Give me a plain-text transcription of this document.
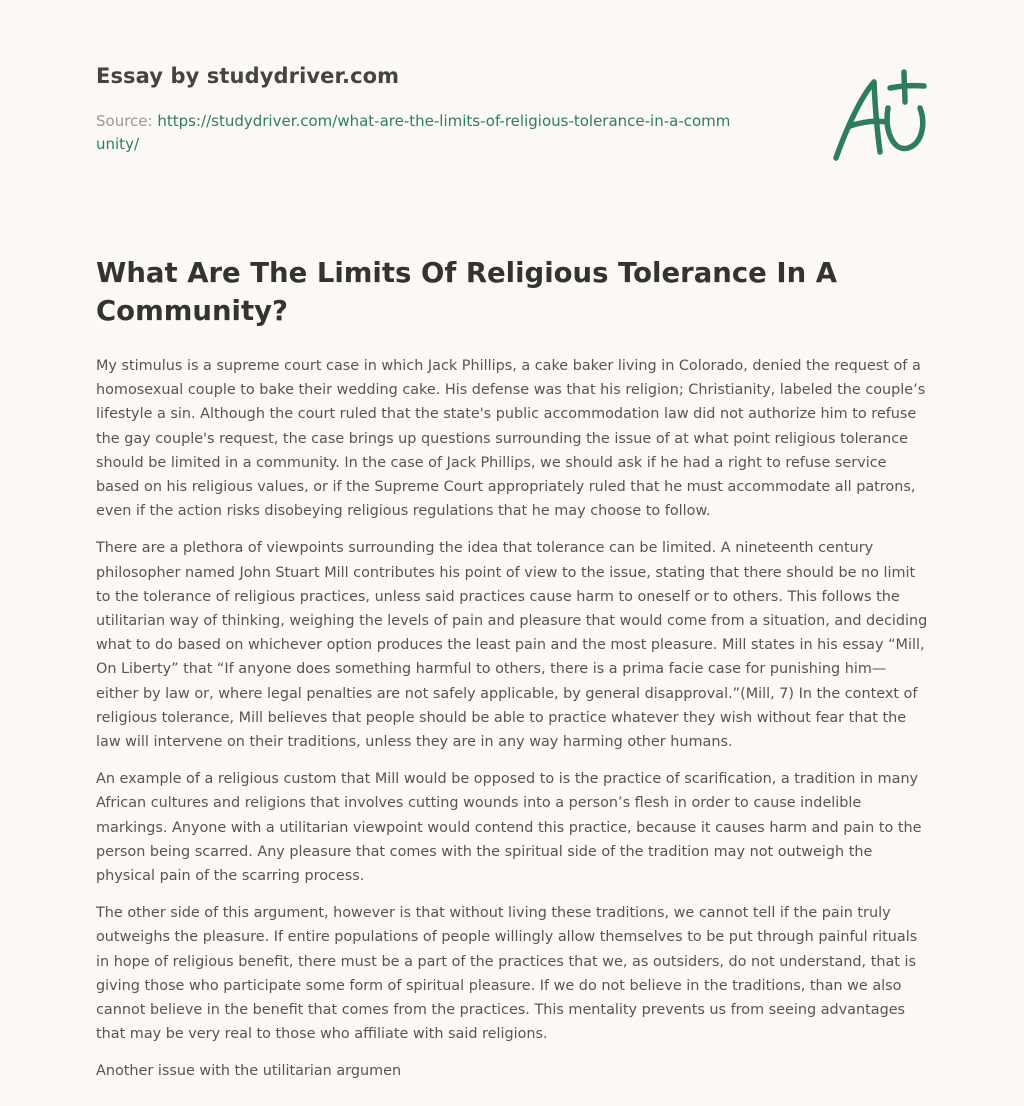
Essay by studydriver.com
Source: https://studydriver.com/what-are-the-limits-of-religious-tolerance-in-a-community/
What Are The Limits Of Religious Tolerance In A Community?

My stimulus is a supreme court case in which Jack Phillips, a cake baker living in Colorado, denied the request of a homosexual couple to bake their wedding cake. His defense was that his religion; Christianity, labeled the couple’s lifestyle a sin. Although the court ruled that the state's public accommodation law did not authorize him to refuse the gay couple's request, the case brings up questions surrounding the issue of at what point religious tolerance should be limited in a community. In the case of Jack Phillips, we should ask if he had a right to refuse service based on his religious values, or if the Supreme Court appropriately ruled that he must accommodate all patrons, even if the action risks disobeying religious regulations that he may choose to follow.

There are a plethora of viewpoints surrounding the idea that tolerance can be limited. A nineteenth century philosopher named John Stuart Mill contributes his point of view to the issue, stating that there should be no limit to the tolerance of religious practices, unless said practices cause harm to oneself or to others. This follows the utilitarian way of thinking, weighing the levels of pain and pleasure that would come from a situation, and deciding what to do based on whichever option produces the least pain and the most pleasure. Mill states in his essay “Mill, On Liberty” that “If anyone does something harmful to others, there is a prima facie case for punishing him—either by law or, where legal penalties are not safely applicable, by general disapproval.”(Mill, 7) In the context of religious tolerance, Mill believes that people should be able to practice whatever they wish without fear that the law will intervene on their traditions, unless they are in any way harming other humans.

An example of a religious custom that Mill would be opposed to is the practice of scarification, a tradition in many African cultures and religions that involves cutting wounds into a person’s flesh in order to cause indelible markings. Anyone with a utilitarian viewpoint would contend this practice, because it causes harm and pain to the person being scarred. Any pleasure that comes with the spiritual side of the tradition may not outweigh the physical pain of the scarring process.

The other side of this argument, however is that without living these traditions, we cannot tell if the pain truly outweighs the pleasure. If entire populations of people willingly allow themselves to be put through painful rituals in hope of religious benefit, there must be a part of the practices that we, as outsiders, do not understand, that is giving those who participate some form of spiritual pleasure. If we do not believe in the traditions, than we also cannot believe in the benefit that comes from the practices. This mentality prevents us from seeing advantages that may be very real to those who affiliate with said religions.

Another issue with the utilitarian argumen
